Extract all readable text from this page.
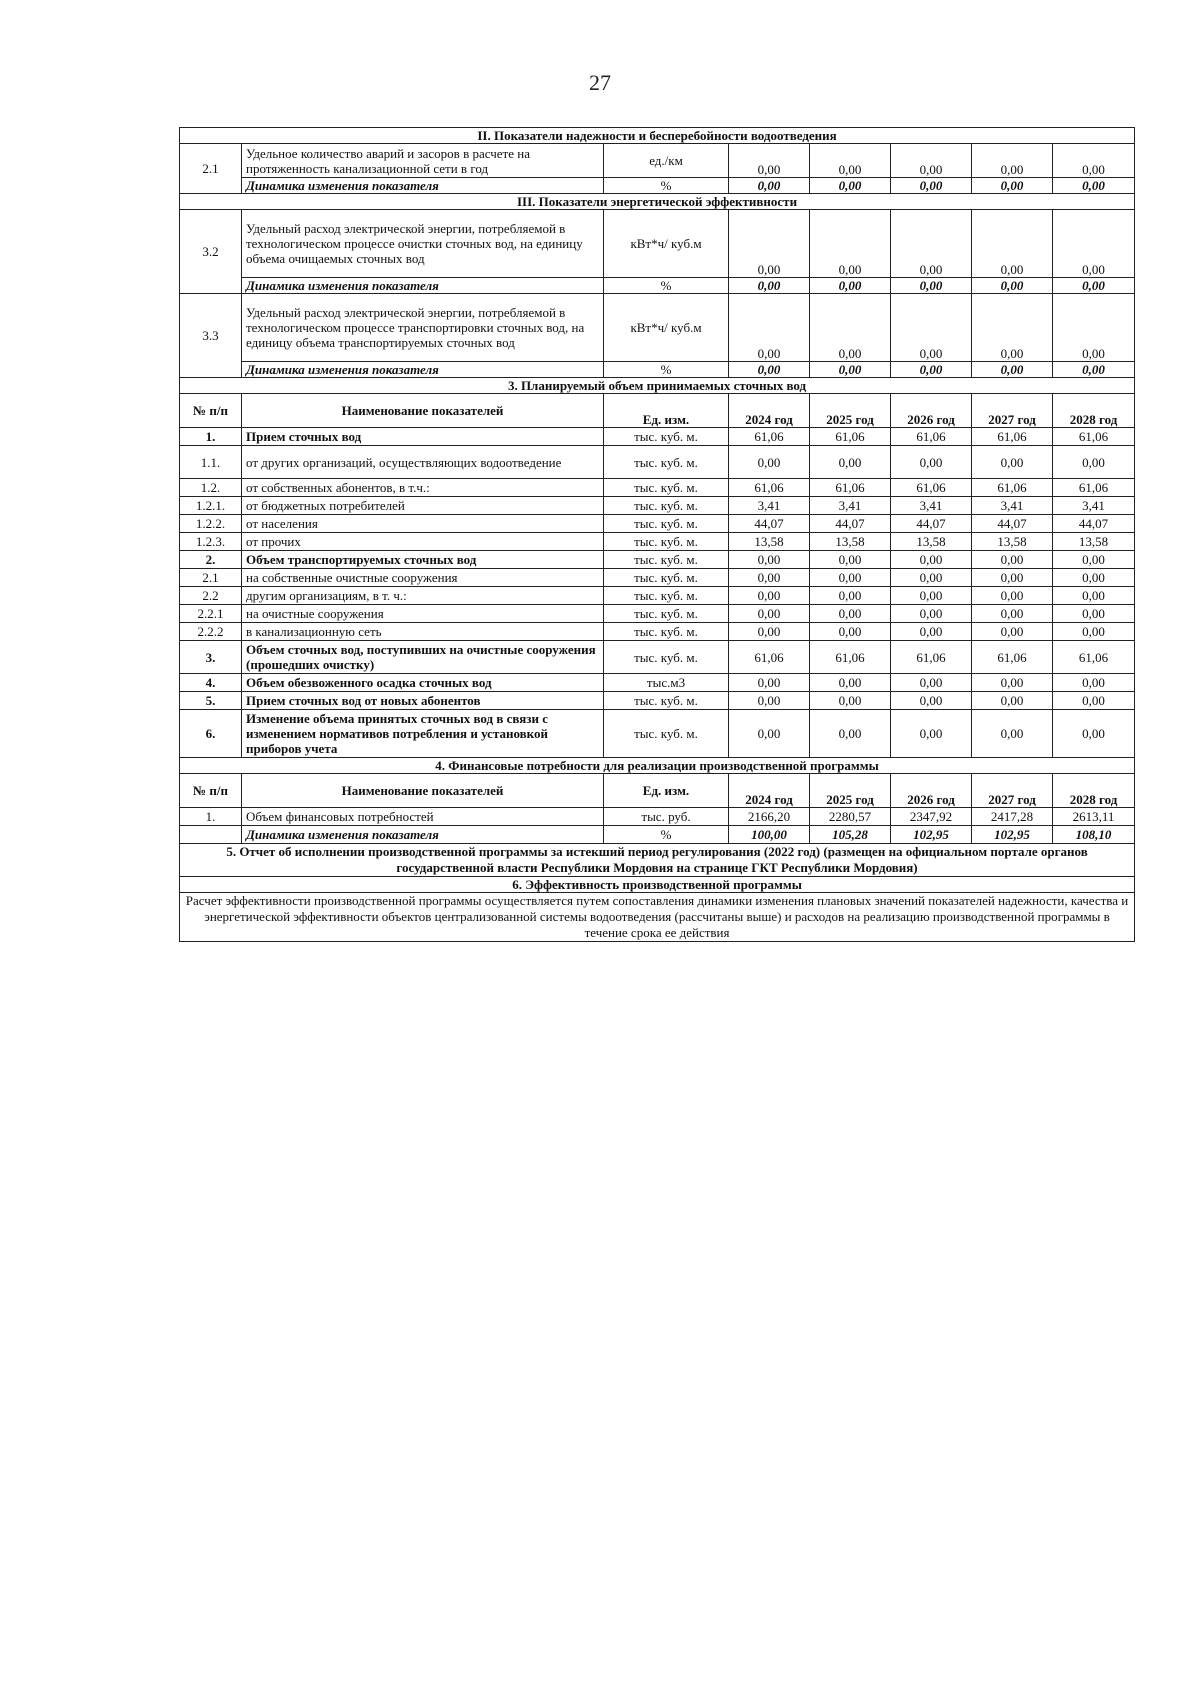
27
II. Показатели надежности и бесперебойности водоотведения							
2.1	Удельное количество аварий и засоров в расчете на протяженность канализационной сети в год	ед./км	0,00	0,00	0,00	0,00	0,00
	Динамика изменения показателя	%	0,00	0,00	0,00	0,00	0,00
III. Показатели энергетической эффективности							
3.2	Удельный расход электрической энергии, потребляемой в технологическом процессе очистки сточных вод, на единицу объема очищаемых сточных вод	кВт*ч/ куб.м	0,00	0,00	0,00	0,00	0,00
	Динамика изменения показателя	%	0,00	0,00	0,00	0,00	0,00
3.3	Удельный расход электрической энергии, потребляемой в технологическом процессе транспортировки сточных вод, на единицу объема транспортируемых сточных вод	кВт*ч/ куб.м	0,00	0,00	0,00	0,00	0,00
	Динамика изменения показателя	%	0,00	0,00	0,00	0,00	0,00
3. Планируемый объем принимаемых сточных вод							
№ п/п	Наименование показателей	Ед. изм.	2024 год	2025 год	2026 год	2027 год	2028 год
1.	Прием сточных вод	тыс. куб. м.	61,06	61,06	61,06	61,06	61,06
1.1.	от других организаций, осуществляющих водоотведение	тыс. куб. м.	0,00	0,00	0,00	0,00	0,00
1.2.	от собственных абонентов, в т.ч.:	тыс. куб. м.	61,06	61,06	61,06	61,06	61,06
1.2.1.	от бюджетных потребителей	тыс. куб. м.	3,41	3,41	3,41	3,41	3,41
1.2.2.	от населения	тыс. куб. м.	44,07	44,07	44,07	44,07	44,07
1.2.3.	от прочих	тыс. куб. м.	13,58	13,58	13,58	13,58	13,58
2.	Объем транспортируемых сточных вод	тыс. куб. м.	0,00	0,00	0,00	0,00	0,00
2.1	на собственные очистные сооружения	тыс. куб. м.	0,00	0,00	0,00	0,00	0,00
2.2	другим организациям, в т. ч.:	тыс. куб. м.	0,00	0,00	0,00	0,00	0,00
2.2.1	на очистные сооружения	тыс. куб. м.	0,00	0,00	0,00	0,00	0,00
2.2.2	в канализационную сеть	тыс. куб. м.	0,00	0,00	0,00	0,00	0,00
3.	Объем сточных вод, поступивших на очистные сооружения (прошедших очистку)	тыс. куб. м.	61,06	61,06	61,06	61,06	61,06
4.	Объем обезвоженного осадка сточных вод	тыс.м3	0,00	0,00	0,00	0,00	0,00
5.	Прием сточных вод от новых абонентов	тыс. куб. м.	0,00	0,00	0,00	0,00	0,00
6.	Изменение объема принятых сточных вод в связи с изменением нормативов потребления и установкой приборов учета	тыс. куб. м.	0,00	0,00	0,00	0,00	0,00
4. Финансовые потребности для реализации производственной программы							
№ п/п	Наименование показателей	Ед. изм.	2024 год	2025 год	2026 год	2027 год	2028 год
1.	Объем финансовых потребностей	тыс. руб.	2166,20	2280,57	2347,92	2417,28	2613,11
	Динамика изменения показателя	%	100,00	105,28	102,95	102,95	108,10
5. Отчет об исполнении производственной программы за истекший период регулирования (2022 год) (размещен на официальном портале органов государственной власти Республики Мордовия на странице ГКТ Республики Мордовия)							
6. Эффективность производственной программы							
Расчет эффективности производственной программы осуществляется путем сопоставления динамики изменения плановых значений показателей надежности, качества и энергетической эффективности объектов централизованной системы водоотведения (рассчитаны выше) и расходов на реализацию производственной программы в течение срока ее действия							
